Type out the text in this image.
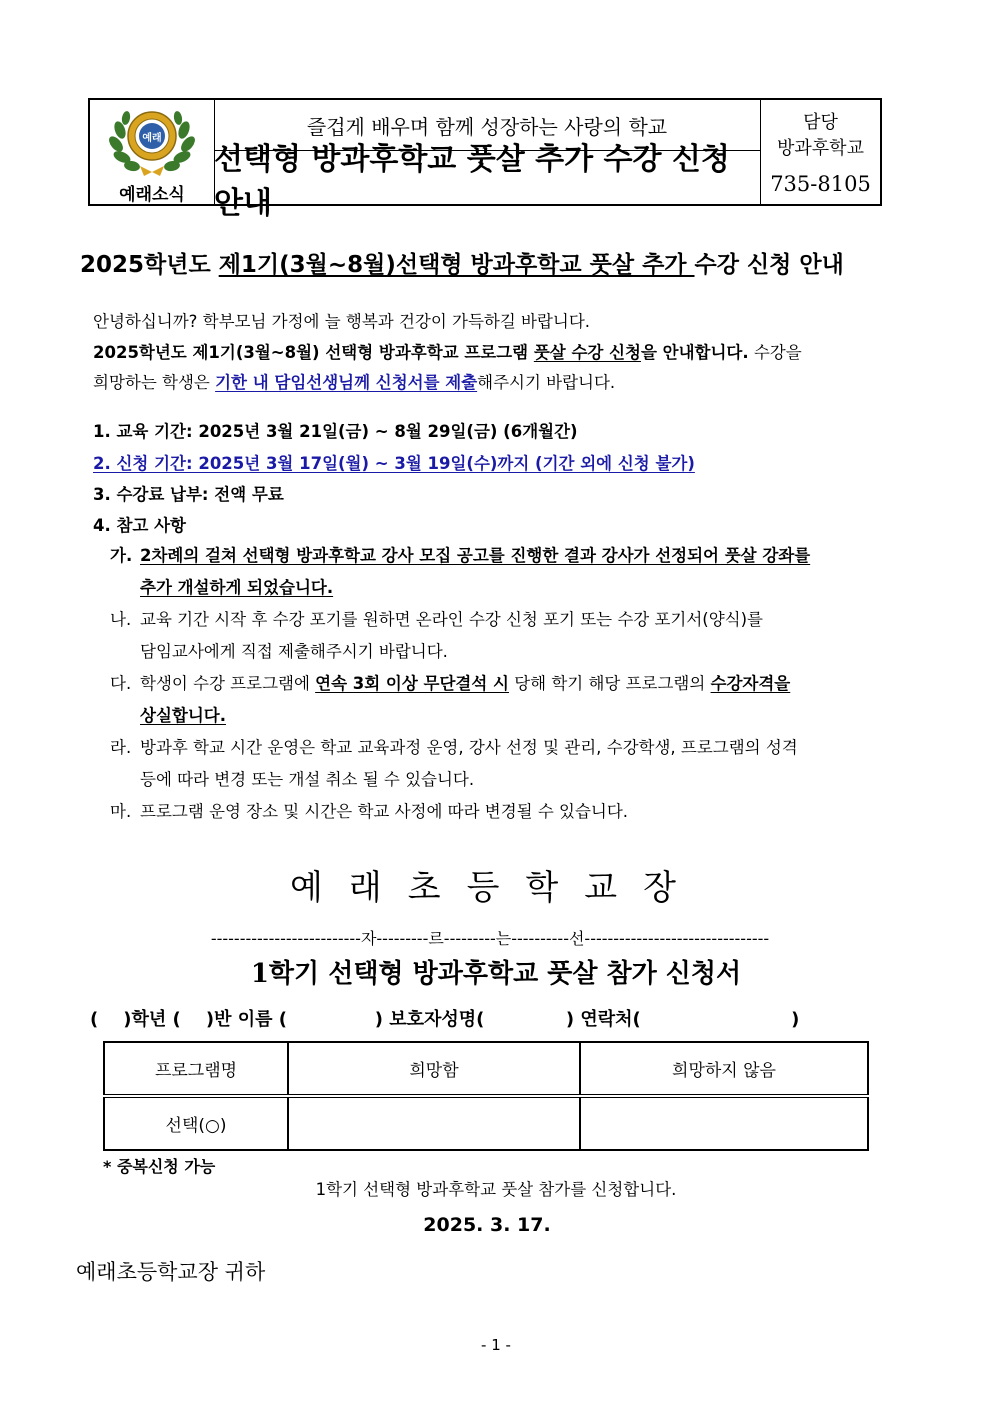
예래
예래소식
즐겁게 배우며 함께 성장하는 사랑의 학교
선택형 방과후학교 풋살 추가 수강 신청 안내
담당
방과후학교
735-8105
2025학년도 제1기(3월~8월)선택형 방과후학교 풋살 추가 수강 신청 안내
안녕하십니까? 학부모님 가정에 늘 행복과 건강이 가득하길 바랍니다.
2025학년도 제1기(3월~8월) 선택형 방과후학교 프로그램 풋살 수강 신청을 안내합니다. 수강을
희망하는 학생은 기한 내 담임선생님께 신청서를 제출해주시기 바랍니다.
1. 교육 기간: 2025년 3월 21일(금) ~ 8월 29일(금) (6개월간)
2. 신청 기간: 2025년 3월 17일(월) ~ 3월 19일(수)까지 (기간 외에 신청 불가)
3. 수강료 납부: 전액 무료
4. 참고 사항
가. 2차례의 걸쳐 선택형 방과후학교 강사 모집 공고를 진행한 결과 강사가 선정되어 풋살 강좌를
추가 개설하게 되었습니다.
나. 교육 기간 시작 후 수강 포기를 원하면 온라인 수강 신청 포기 또는 수강 포기서(양식)를
담임교사에게 직접 제출해주시기 바랍니다.
다. 학생이 수강 프로그램에 연속 3회 이상 무단결석 시 당해 학기 해당 프로그램의 수강자격을
상실합니다.
라. 방과후 학교 시간 운영은 학교 교육과정 운영, 강사 선정 및 관리, 수강학생, 프로그램의 성격
등에 따라 변경 또는 개설 취소 될 수 있습니다.
마. 프로그램 운영 장소 및 시간은 학교 사정에 따라 변경될 수 있습니다.
예래초등학교장
--------------------------자---------르---------는----------선--------------------------------
1학기 선택형 방과후학교 풋살 참가 신청서
(    )학년 (    )반 이름 (              ) 보호자성명(             ) 연락처(                        )
프로그램명	희망함	희망하지 않음
선택(○)		
* 중복신청 가능
1학기 선택형 방과후학교 풋살 참가를 신청합니다.
2025. 3. 17.
예래초등학교장 귀하
- 1 -
